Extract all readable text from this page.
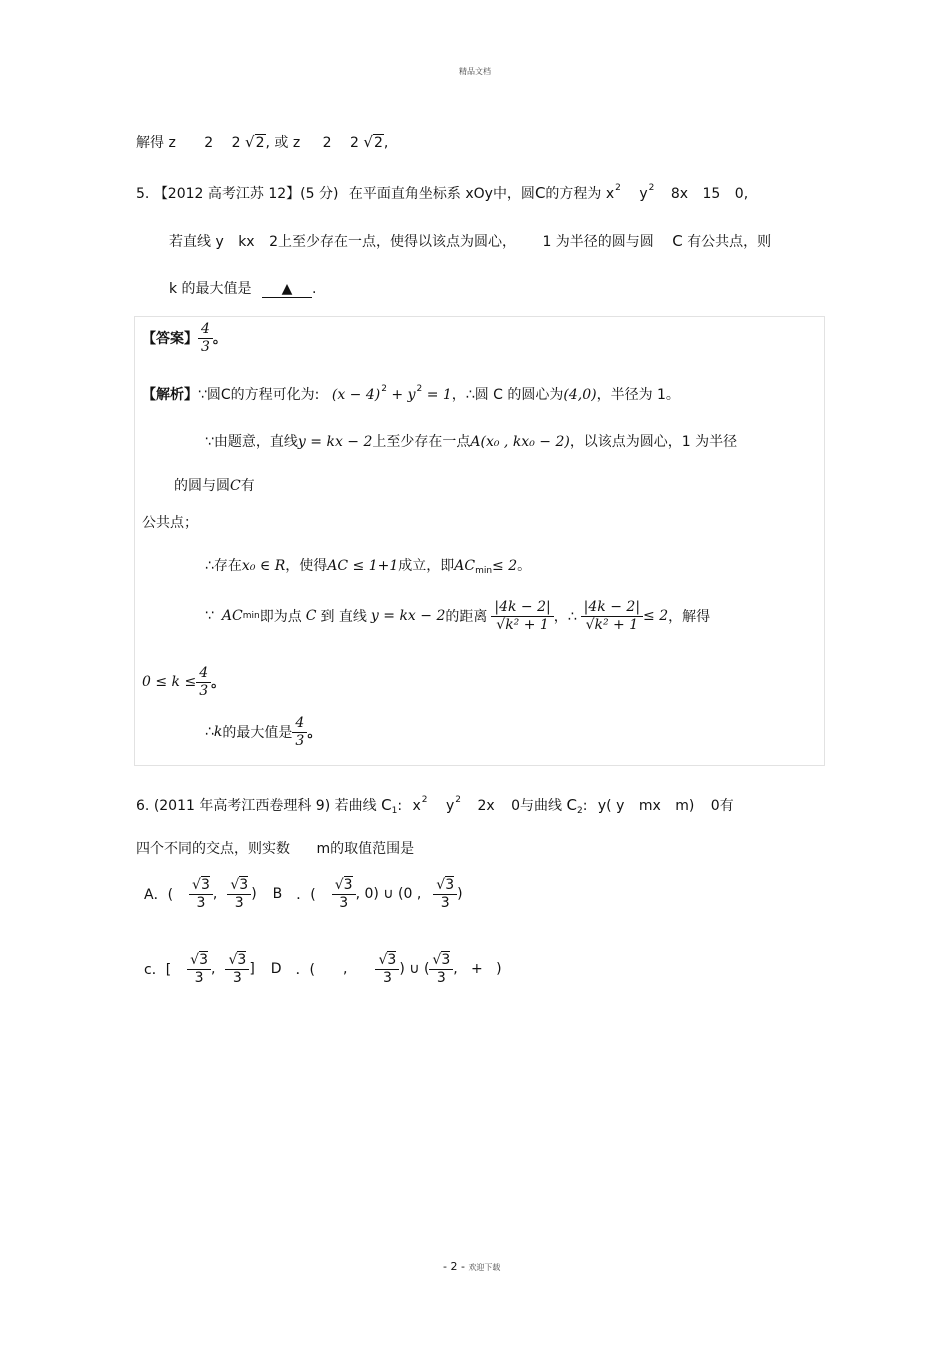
精品文档
解得 z 2 2 √2, 或 z 2 2 √2,
5. 【2012 高考江苏 12】(5 分) 在平面直角坐标系 xOy中，圆C的方程为 $x^2$ $y^2$ 8x 15 0,
若直线 y kx 2上至少存在一点，使得以该点为圆心， 1 为半径的圆与圆 C 有公共点，则
k 的最大值是 ▲ .
【答案】 $\frac{4}{3}$ 。
【解析】∵圆C的方程可化为: $(x - 4)^2 + y^2 = 1$，∴圆 C 的圆心为(4,0)，半径为 1。
∵由题意，直线y = kx − 2上至少存在一点A(x₀ , kx₀ − 2)，以该点为圆心，1 为半径
的圆与圆C有
公共点；
∴存在x₀ ∈ R，使得AC ≤ 1+1成立，即$AC_{min}\le 2$。
∵ AC min 即为点 C 到 直线 y = kx − 2 的距离 $\frac{|4k - 2|}{\text{√k² + 1}}$ ，∴ $\frac{|4k - 2|}{\text{√k² + 1}} \le 2$ ，解得
$0 \le k \le \frac{4}{3}$ 。
∴ k 的最大值是 $\frac{4}{3}$ 。
6. (2011 年高考江西卷理科 9) 若曲线 $C_1$: $x^2$ $y^2$ 2x 0与曲线 $C_2$: y( y mx m) 0有
四个不同的交点，则实数 m的取值范围是
A．( $\frac{√3}{3}$ , $\frac{√3}{3}$ ) B ．( $\frac{√3}{3}$ , 0) ∪ (0 , $\frac{√3}{3}$ )
c．[ $\frac{√3}{3}$ , $\frac{√3}{3}$ ] D ．( , $\frac{√3}{3}$ ) ∪ ( $\frac{√3}{3}$ ,   +   )
- 2 - 欢迎下载
